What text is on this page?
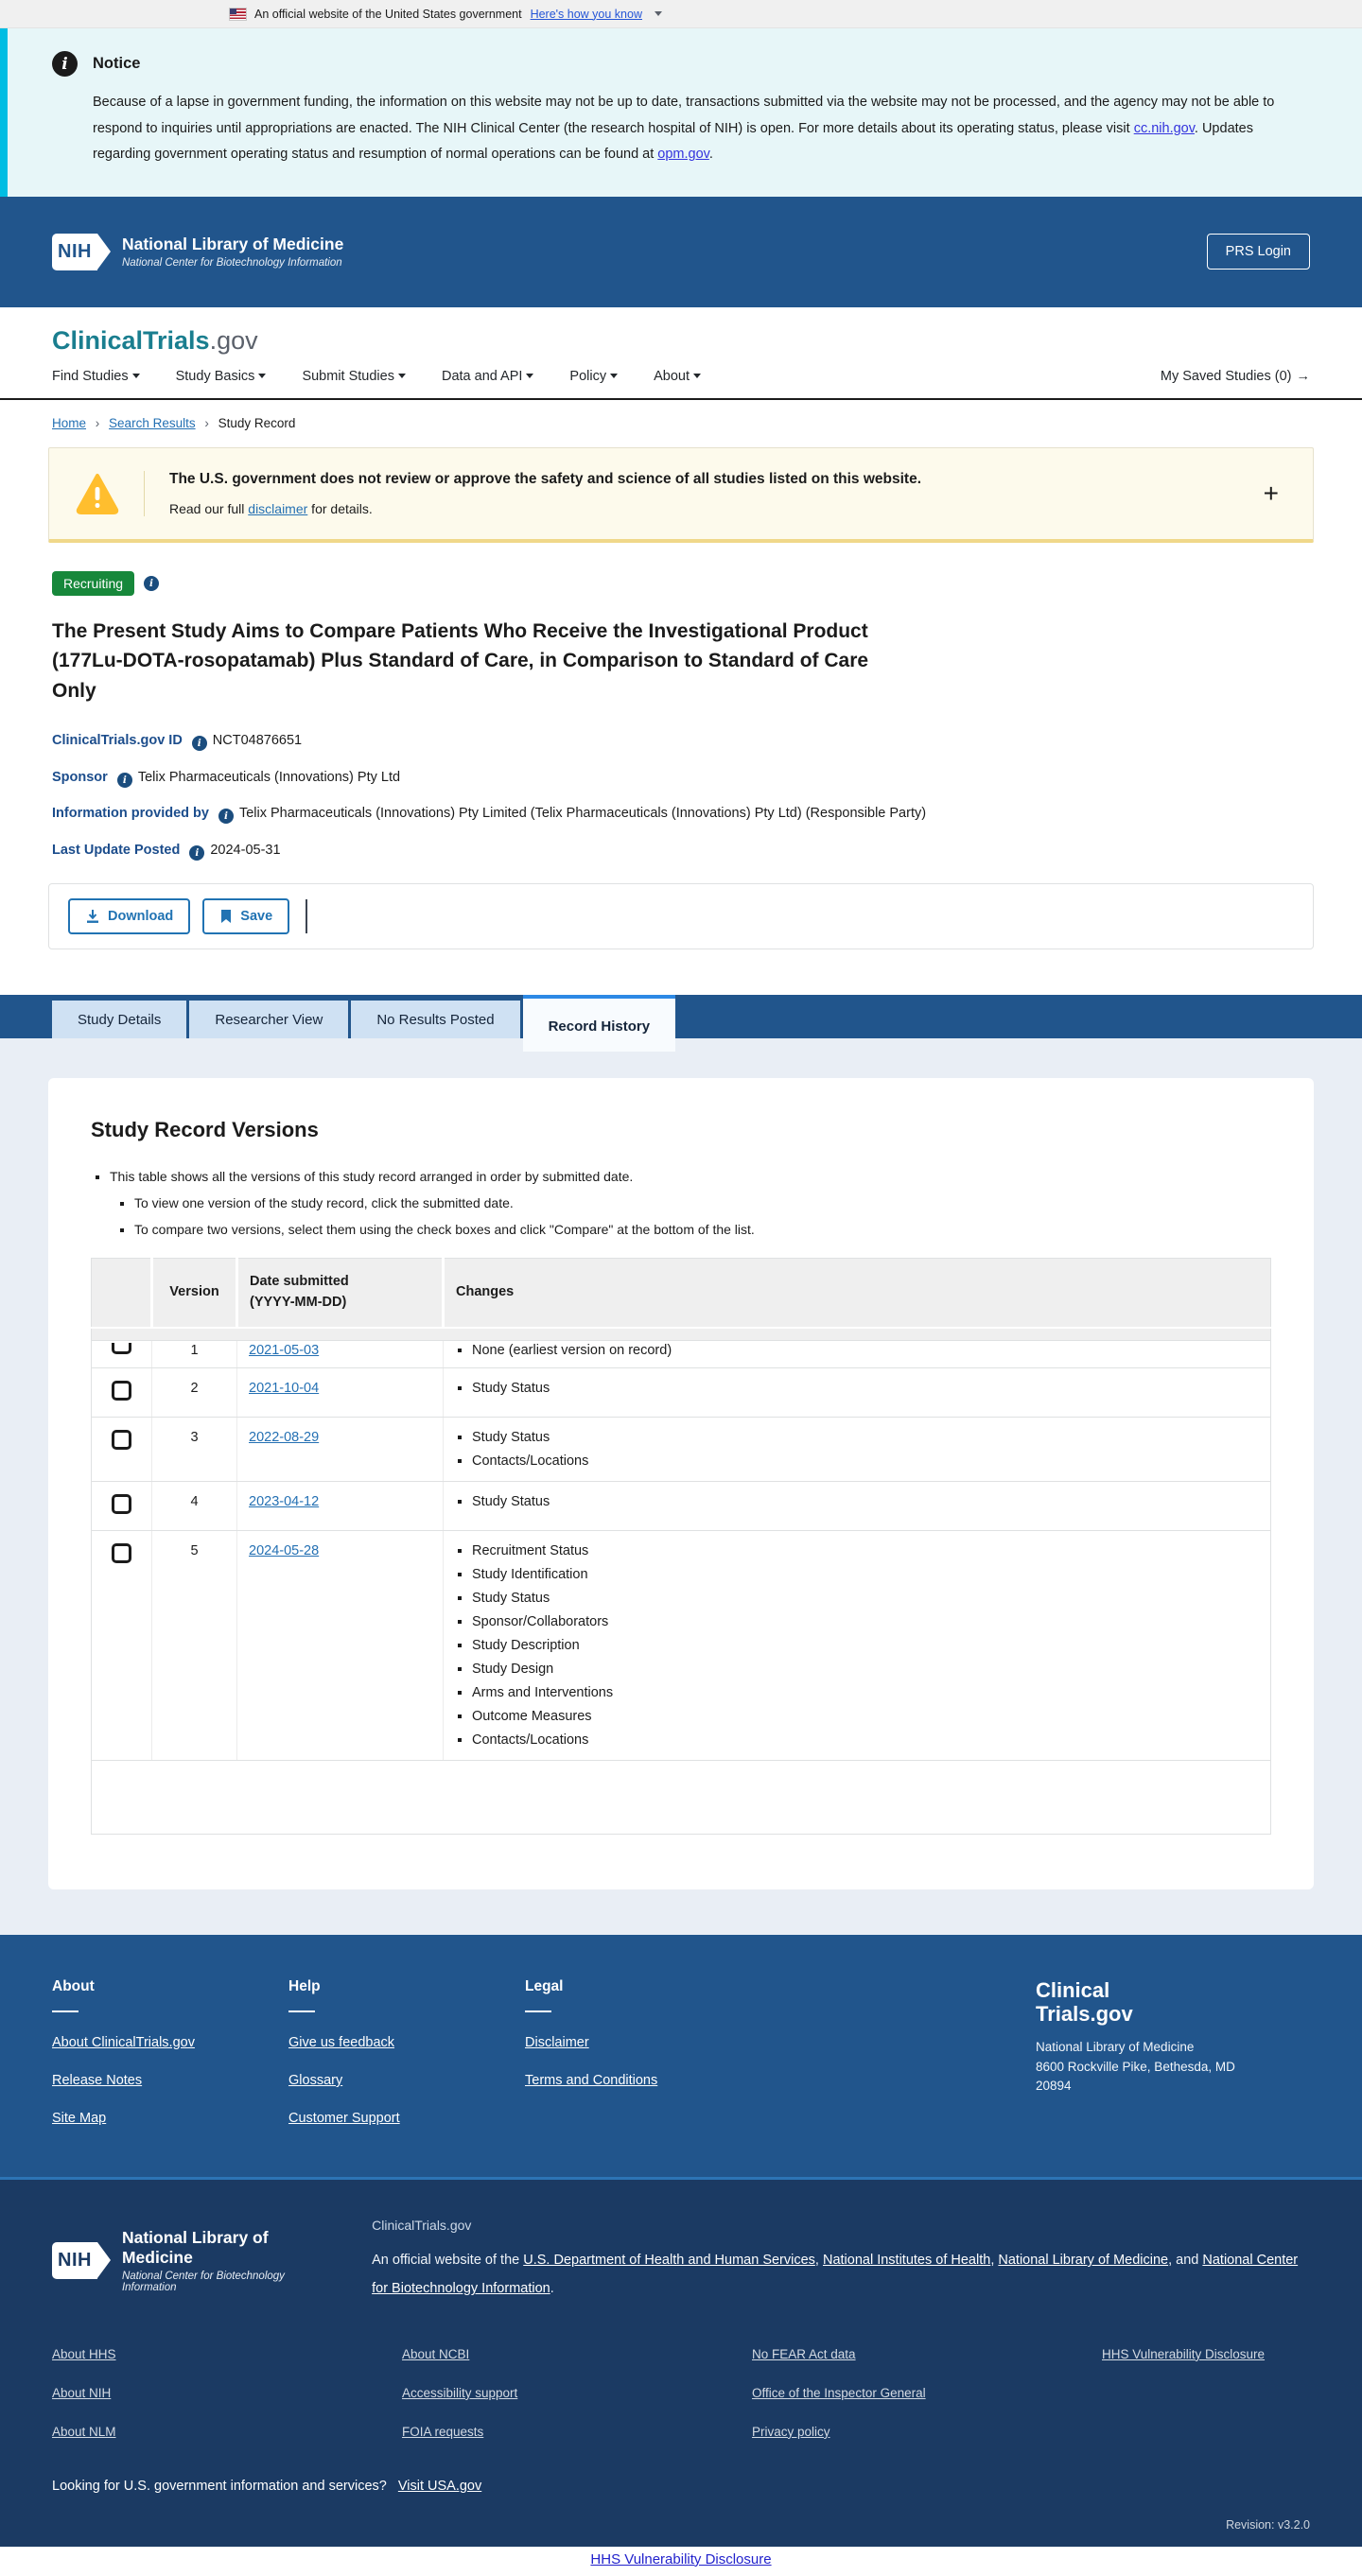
An official website of the United States government Here's how you know
i	Notice
Because of a lapse in government funding, the information on this website may not be up to date, transactions submitted via the website may not be processed, and the agency may not be able to respond to inquiries until appropriations are enacted. The NIH Clinical Center (the research hospital of NIH) is open. For more details about its operating status, please visit cc.nih.gov. Updates regarding government operating status and resumption of normal operations can be found at opm.gov.
NIH	National Library of Medicine
National Center for Biotechnology Information
PRS Login
ClinicalTrials.gov
Find Studies	Study Basics	Submit Studies	Data and API	Policy	About	My Saved Studies (0) →
Home › Search Results › Study Record
The U.S. government does not review or approve the safety and science of all studies listed on this website.
Read our full disclaimer for details.
+
Recruiting	i
The Present Study Aims to Compare Patients Who Receive the Investigational Product (177Lu-DOTA-rosopatamab) Plus Standard of Care, in Comparison to Standard of Care Only
ClinicalTrials.gov ID i NCT04876651
Sponsor i Telix Pharmaceuticals (Innovations) Pty Ltd
Information provided by i Telix Pharmaceuticals (Innovations) Pty Limited (Telix Pharmaceuticals (Innovations) Pty Ltd) (Responsible Party)
Last Update Posted i 2024-05-31
Download	Save
Study Details	Researcher View	No Results Posted	Record History
Study Record Versions
▪ This table shows all the versions of this study record arranged in order by submitted date.
▪ To view one version of the study record, click the submitted date.
▪ To compare two versions, select them using the check boxes and click "Compare" at the bottom of the list.
	Version	Date submitted
(YYYY-MM-DD)	Changes

	1	2021-05-03	
▪None (earliest version on record)

	2	2021-10-04	
▪Study Status

	3	2022-08-29	
▪Study Status
▪ Contacts/Locations

	4	2023-04-12	
▪Study Status

	5	2024-05-28	
▪Recruitment Status
▪ Study Identification
▪ Study Status
▪ Sponsor/Collaborators
▪ Study Description
▪ Study Design
▪ Arms and Interventions
▪ Outcome Measures
▪ Contacts/Locations

About
About ClinicalTrials.gov
Release Notes
Site Map
Help
Give us feedback
Glossary
Customer Support
Legal
Disclaimer
Terms and Conditions
Clinical
Trials.gov
National Library of Medicine
8600 Rockville Pike, Bethesda, MD
20894
NIH
National Library of Medicine
National Center for Biotechnology Information
ClinicalTrials.gov
An official website of the U.S. Department of Health and Human Services, National Institutes of Health, National Library of Medicine, and National Center for Biotechnology Information.
About HHS
About NIH
About NLM
About NCBI
Accessibility support
FOIA requests
No FEAR Act data
Office of the Inspector General
Privacy policy
HHS Vulnerability Disclosure
Looking for U.S. government information and services? Visit USA.gov
Revision: v3.2.0
HHS Vulnerability Disclosure
